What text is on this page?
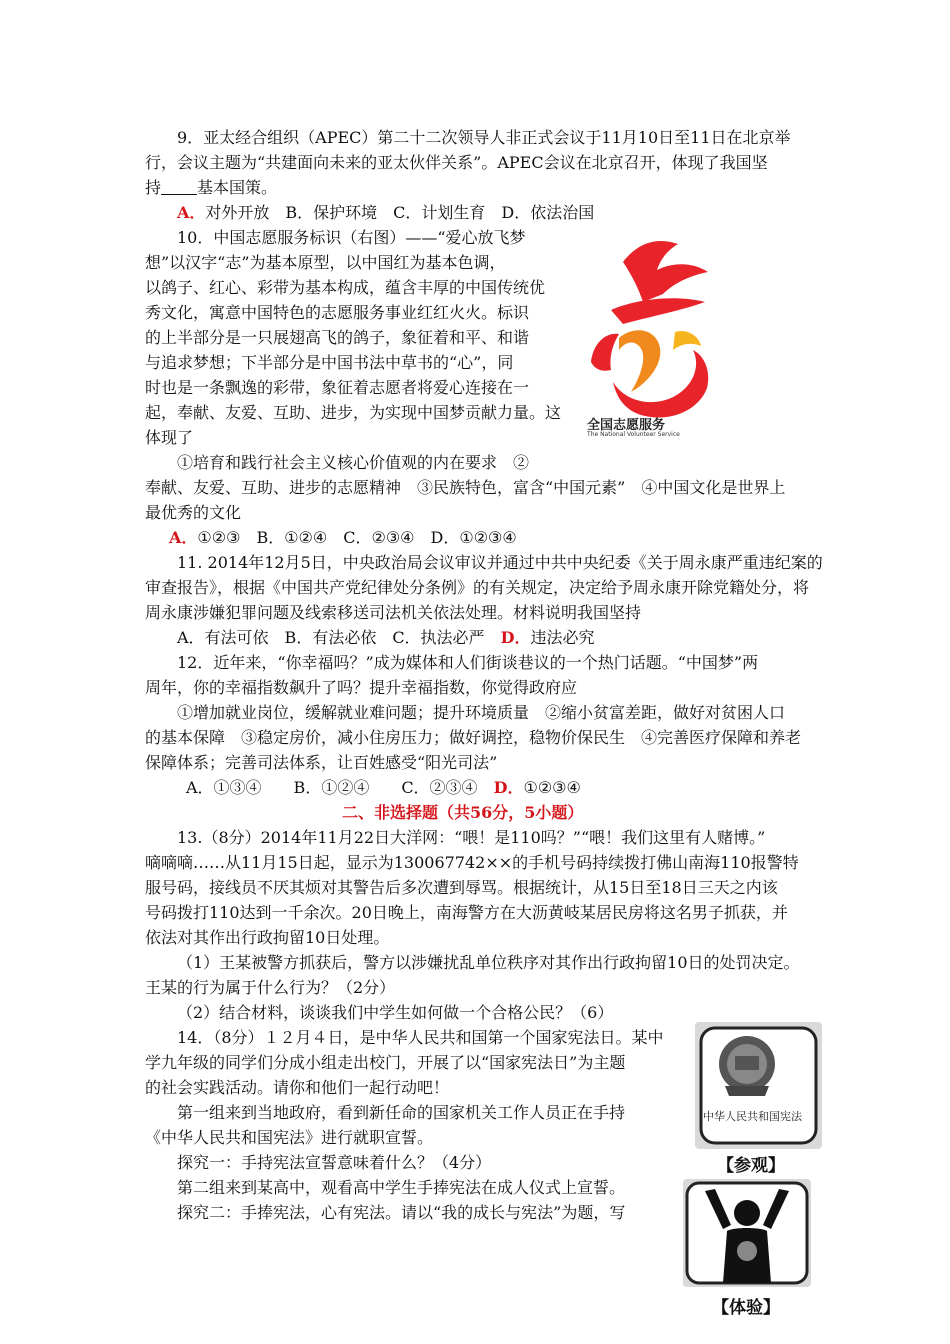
9．亚太经合组织（APEC）第二十二次领导人非正式会议于11月10日至11日在北京举
行，会议主题为“共建面向未来的亚太伙伴关系”。APEC会议在北京召开，体现了我国坚
持 基本国策。
A．对外开放　B．保护环境　C．计划生育　D．依法治国
10．中国志愿服务标识（右图）——“爱心放飞梦
想”以汉字“志”为基本原型，以中国红为基本色调，
以鸽子、红心、彩带为基本构成，蕴含丰厚的中国传统优
秀文化，寓意中国特色的志愿服务事业红红火火。标识
的上半部分是一只展翅高飞的鸽子，象征着和平、和谐
与追求梦想；下半部分是中国书法中草书的“心”，同
时也是一条飘逸的彩带，象征着志愿者将爱心连接在一
起，奉献、友爱、互助、进步，为实现中国梦贡献力量。这
体现了
全国志愿服务
The National Volunteer Service
①培育和践行社会主义核心价值观的内在要求　②
奉献、友爱、互助、进步的志愿精神　③民族特色，富含“中国元素”　④中国文化是世界上
最优秀的文化
A．①②③　B．①②④　C．②③④　D．①②③④
11. 2014年12月5日，中央政治局会议审议并通过中共中央纪委《关于周永康严重违纪案的
审查报告》，根据《中国共产党纪律处分条例》的有关规定，决定给予周永康开除党籍处分，将
周永康涉嫌犯罪问题及线索移送司法机关依法处理。材料说明我国坚持
A．有法可依　B．有法必依　C．执法必严　 D．违法必究
12．近年来，“你幸福吗？”成为媒体和人们街谈巷议的一个热门话题。“中国梦”两
周年，你的幸福指数飙升了吗？提升幸福指数，你觉得政府应
①增加就业岗位，缓解就业难问题；提升环境质量　②缩小贫富差距，做好对贫困人口
的基本保障　③稳定房价，减小住房压力；做好调控，稳物价保民生　④完善医疗保障和养老
保障体系；完善司法体系，让百姓感受“阳光司法”
A．①③④　　B．①②④　　C．②③④　 D．①②③④
二、非选择题（共56分，5小题）
13.（8分）2014年11月22日大洋网：“喂！是110吗？”“喂！我们这里有人赌博。”
嘀嘀嘀……从11月15日起，显示为130067742××的手机号码持续拨打佛山南海110报警特
服号码，接线员不厌其烦对其警告后多次遭到辱骂。根据统计，从15日至18日三天之内该
号码拨打110达到一千余次。20日晚上，南海警方在大沥黄岐某居民房将这名男子抓获，并
依法对其作出行政拘留10日处理。
（1）王某被警方抓获后，警方以涉嫌扰乱单位秩序对其作出行政拘留10日的处罚决定。
王某的行为属于什么行为？（2分）
（2）结合材料，谈谈我们中学生如何做一个合格公民？（6）
14．（8分）１２月４日，是中华人民共和国第一个国家宪法日。某中
学九年级的同学们分成小组走出校门，开展了以“国家宪法日”为主题
的社会实践活动。请你和他们一起行动吧！
第一组来到当地政府，看到新任命的国家机关工作人员正在手持
《中华人民共和国宪法》进行就职宣誓。
探究一：手持宪法宣誓意味着什么？（4分）
第二组来到某高中，观看高中学生手捧宪法在成人仪式上宣誓。
探究二：手捧宪法，心有宪法。请以“我的成长与宪法”为题，写
中华人民共和国宪法
【参观】
【体验】
